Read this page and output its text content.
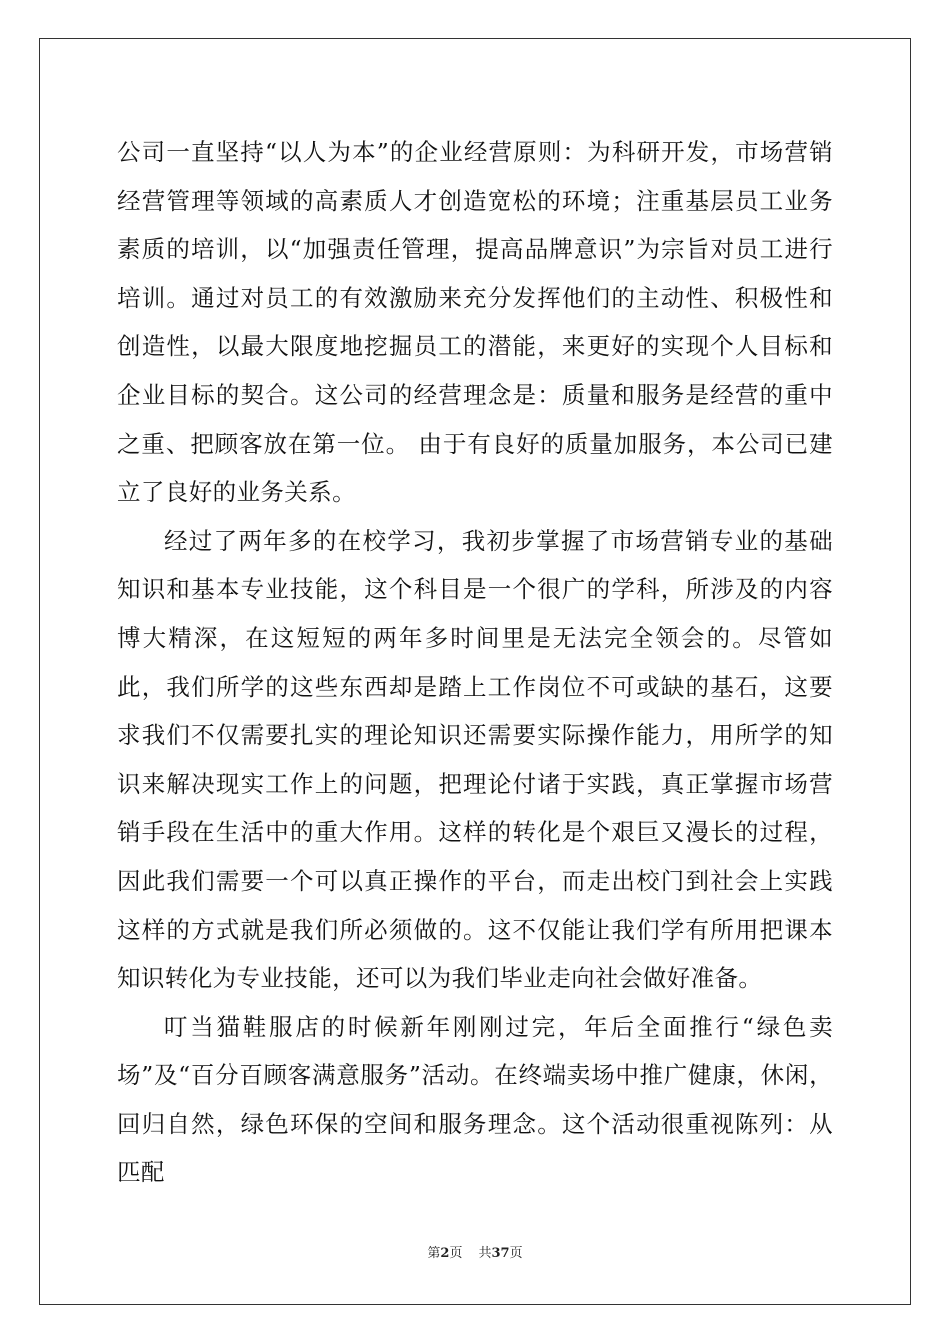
公司一直坚持“以人为本”的企业经营原则：为科研开发，市场营销经营管理等领域的高素质人才创造宽松的环境；注重基层员工业务素质的培训，以“加强责任管理，提高品牌意识”为宗旨对员工进行培训。通过对员工的有效激励来充分发挥他们的主动性、积极性和创造性，以最大限度地挖掘员工的潜能，来更好的实现个人目标和企业目标的契合。这公司的经营理念是：质量和服务是经营的重中之重、把顾客放在第一位。 由于有良好的质量加服务，本公司已建立了良好的业务关系。

经过了两年多的在校学习，我初步掌握了市场营销专业的基础知识和基本专业技能，这个科目是一个很广的学科，所涉及的内容博大精深，在这短短的两年多时间里是无法完全领会的。尽管如此，我们所学的这些东西却是踏上工作岗位不可或缺的基石，这要求我们不仅需要扎实的理论知识还需要实际操作能力，用所学的知识来解决现实工作上的问题，把理论付诸于实践，真正掌握市场营销手段在生活中的重大作用。这样的转化是个艰巨又漫长的过程，因此我们需要一个可以真正操作的平台，而走出校门到社会上实践这样的方式就是我们所必须做的。这不仅能让我们学有所用把课本知识转化为专业技能，还可以为我们毕业走向社会做好准备。

叮当猫鞋服店的时候新年刚刚过完，年后全面推行“绿色卖场”及“百分百顾客满意服务”活动。在终端卖场中推广健康，休闲，回归自然，绿色环保的空间和服务理念。这个活动很重视陈列：从匹配

第2页 共37页
